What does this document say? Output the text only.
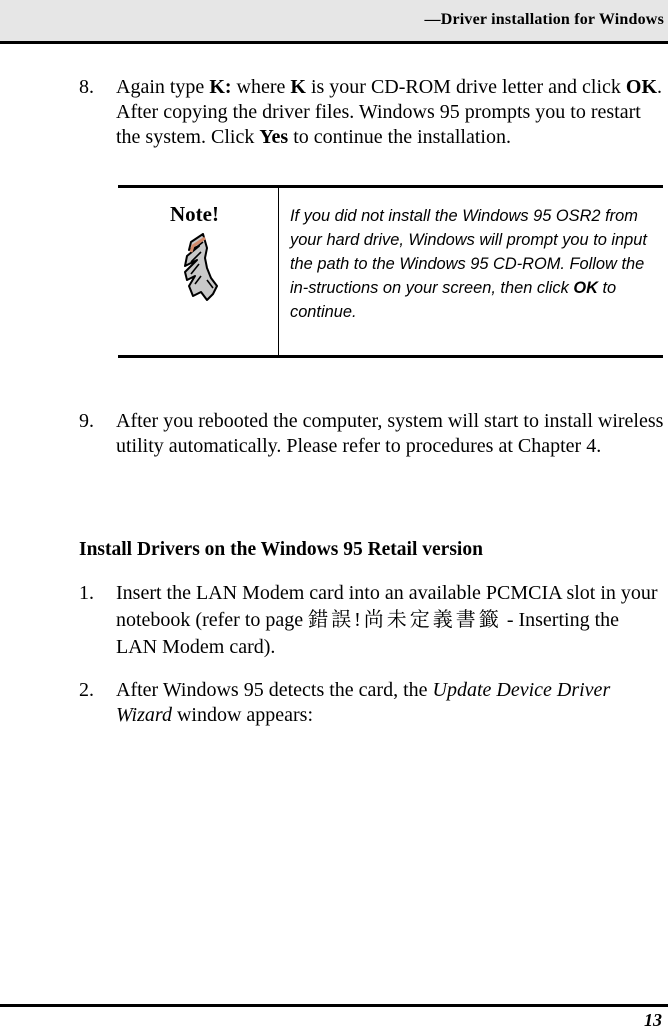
—Driver installation for Windows
8. Again type K: where K is your CD-ROM drive letter and click OK. After copying the driver files. Windows 95 prompts you to restart the system. Click Yes to continue the installation.
Note!	If you did not install the Windows 95 OSR2 from your hard drive, Windows will prompt you to input the path to the Windows 95 CD-ROM. Follow the in-structions on your screen, then click OK to continue.
9. After you rebooted the computer, system will start to install wireless utility automatically. Please refer to procedures at Chapter 4.
Install Drivers on the Windows 95 Retail version
1. Insert the LAN Modem card into an available PCMCIA slot in your notebook (refer to page 錯誤!尚未定義書籤 - Inserting the LAN Modem card).
2. After Windows 95 detects the card, the Update Device Driver Wizard window appears:
13
